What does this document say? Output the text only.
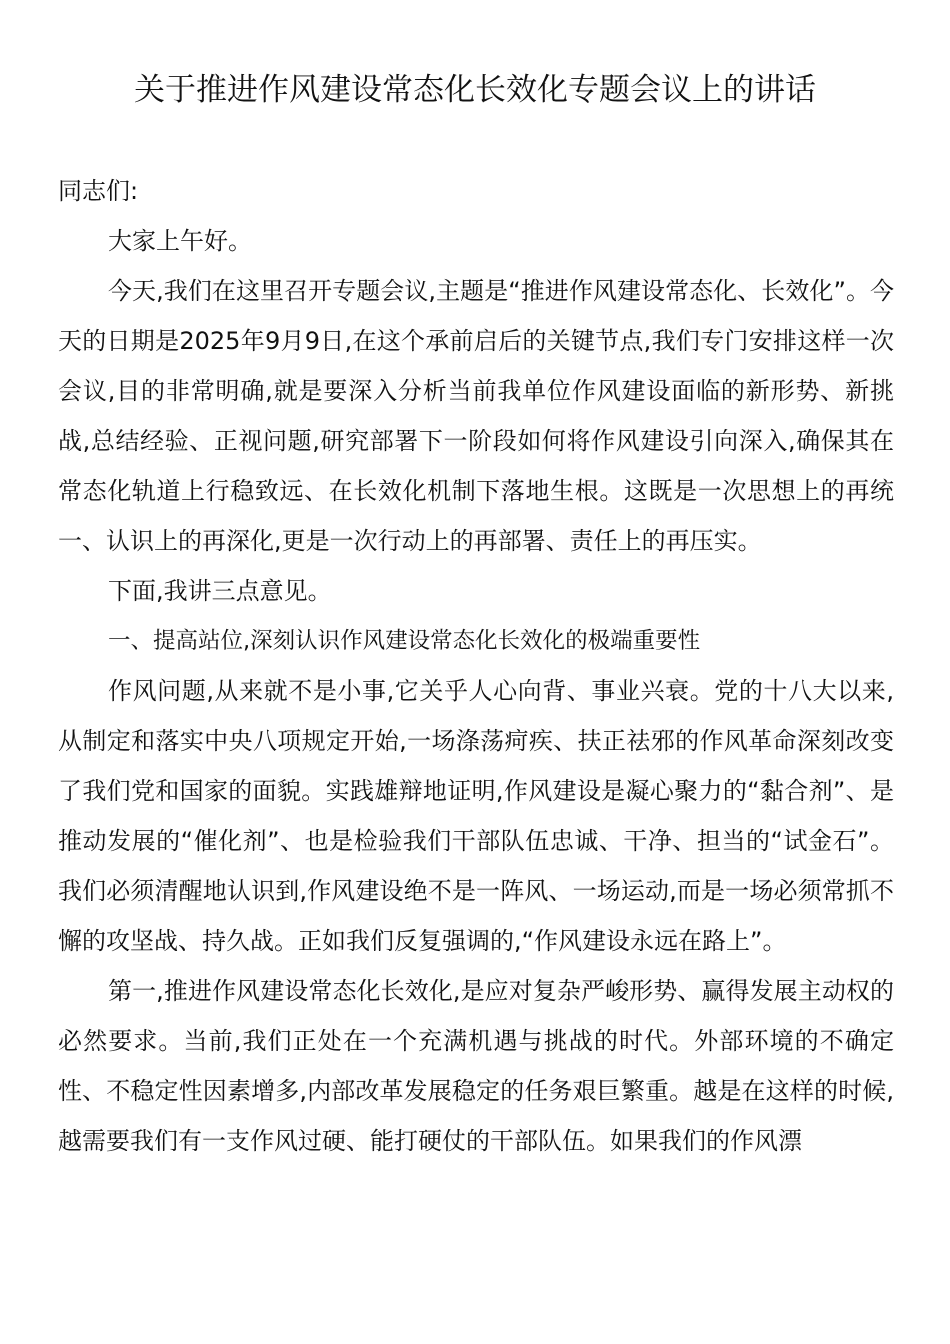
关于推进作风建设常态化长效化专题会议上的讲话

同志们:

大家上午好。

今天,我们在这里召开专题会议,主题是“推进作风建设常态化、长效化”。今天的日期是2025年9月9日,在这个承前启后的关键节点,我们专门安排这样一次会议,目的非常明确,就是要深入分析当前我单位作风建设面临的新形势、新挑战,总结经验、正视问题,研究部署下一阶段如何将作风建设引向深入,确保其在常态化轨道上行稳致远、在长效化机制下落地生根。这既是一次思想上的再统一、认识上的再深化,更是一次行动上的再部署、责任上的再压实。

下面,我讲三点意见。

一、提高站位,深刻认识作风建设常态化长效化的极端重要性

作风问题,从来就不是小事,它关乎人心向背、事业兴衰。党的十八大以来,从制定和落实中央八项规定开始,一场涤荡疴疾、扶正祛邪的作风革命深刻改变了我们党和国家的面貌。实践雄辩地证明,作风建设是凝心聚力的“黏合剂”、是推动发展的“催化剂”、也是检验我们干部队伍忠诚、干净、担当的“试金石”。我们必须清醒地认识到,作风建设绝不是一阵风、一场运动,而是一场必须常抓不懈的攻坚战、持久战。正如我们反复强调的,“作风建设永远在路上”。

第一,推进作风建设常态化长效化,是应对复杂严峻形势、赢得发展主动权的必然要求。当前,我们正处在一个充满机遇与挑战的时代。外部环境的不确定性、不稳定性因素增多,内部改革发展稳定的任务艰巨繁重。越是在这样的时候,越需要我们有一支作风过硬、能打硬仗的干部队伍。如果我们的作风漂
